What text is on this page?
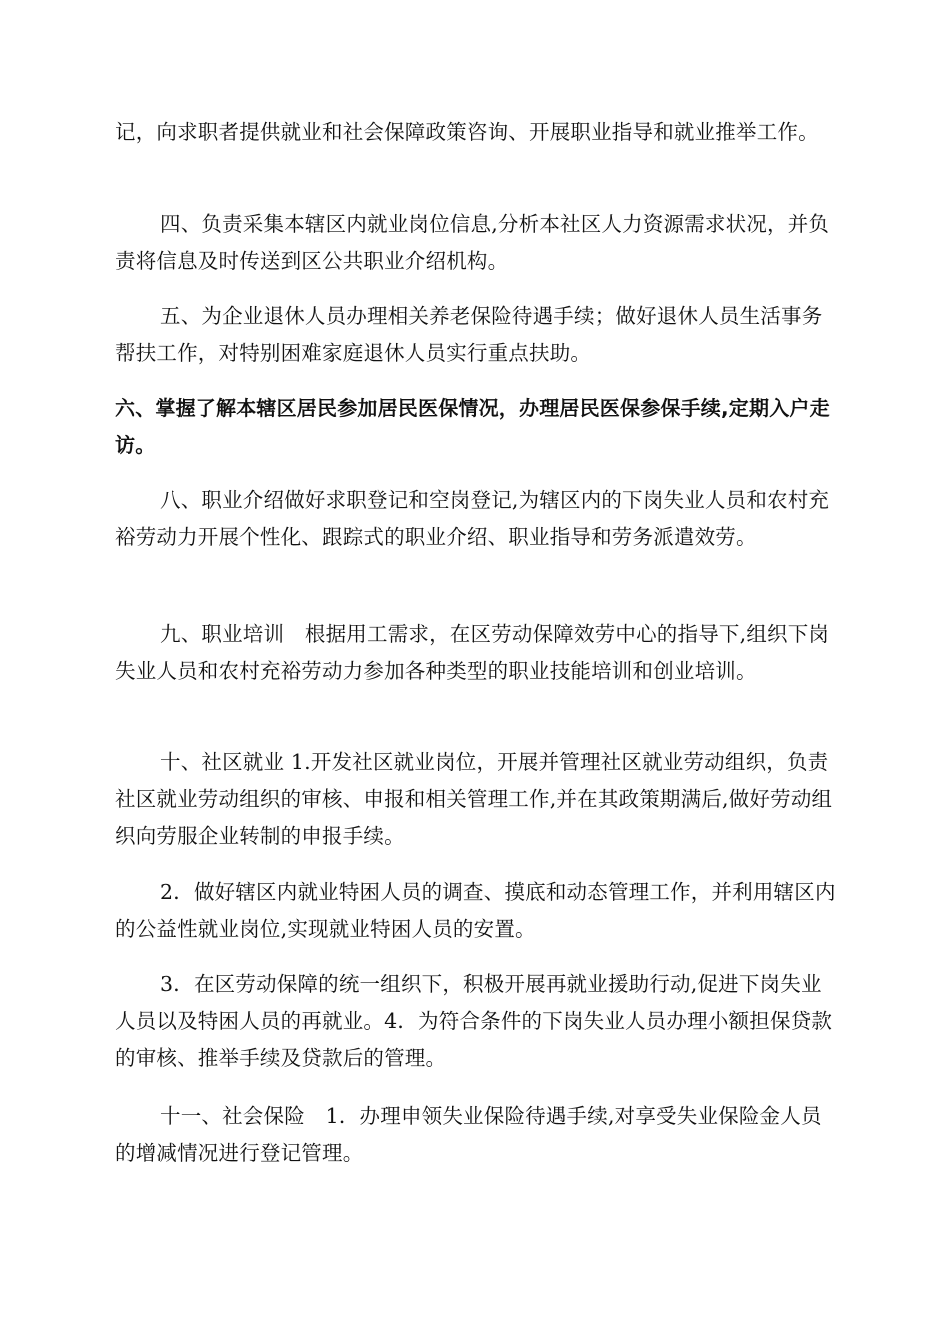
记，向求职者提供就业和社会保障政策咨询、开展职业指导和就业推举工作。

四、负责采集本辖区内就业岗位信息,分析本社区人力资源需求状况，并负责将信息及时传送到区公共职业介绍机构。

五、为企业退休人员办理相关养老保险待遇手续；做好退休人员生活事务帮扶工作，对特别困难家庭退休人员实行重点扶助。

六、掌握了解本辖区居民参加居民医保情况，办理居民医保参保手续,定期入户走访。

八、职业介绍做好求职登记和空岗登记,为辖区内的下岗失业人员和农村充裕劳动力开展个性化、跟踪式的职业介绍、职业指导和劳务派遣效劳。

九、职业培训　根据用工需求，在区劳动保障效劳中心的指导下,组织下岗失业人员和农村充裕劳动力参加各种类型的职业技能培训和创业培训。

十、社区就业 1.开发社区就业岗位，开展并管理社区就业劳动组织，负责社区就业劳动组织的审核、申报和相关管理工作,并在其政策期满后,做好劳动组织向劳服企业转制的申报手续。

2．做好辖区内就业特困人员的调查、摸底和动态管理工作，并利用辖区内的公益性就业岗位,实现就业特困人员的安置。

3．在区劳动保障的统一组织下，积极开展再就业援助行动,促进下岗失业人员以及特困人员的再就业。4．为符合条件的下岗失业人员办理小额担保贷款的审核、推举手续及贷款后的管理。

十一、社会保险　1．办理申领失业保险待遇手续,对享受失业保险金人员的增减情况进行登记管理。
